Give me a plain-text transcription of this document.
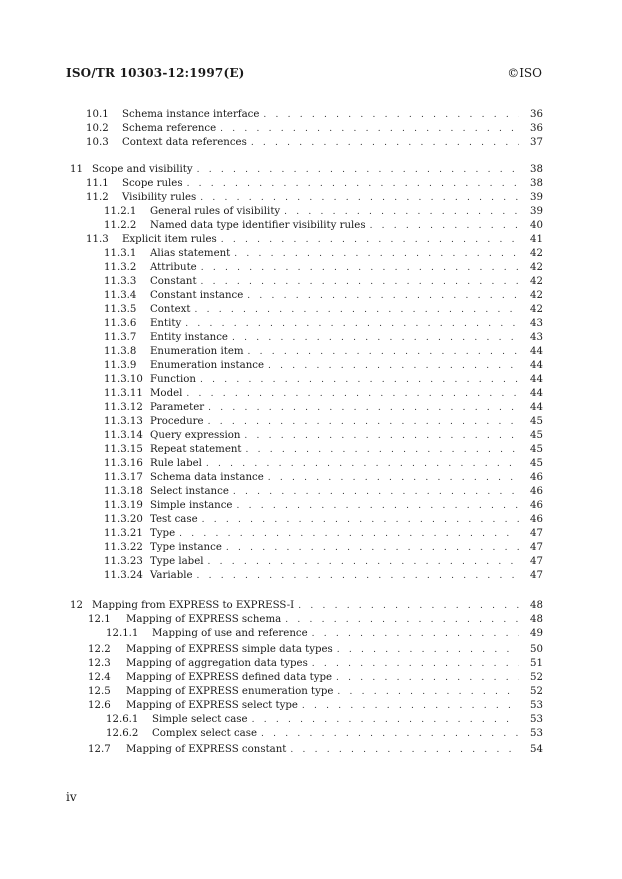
ISO/TR 10303-12:1997(E)	©ISO
10.1	Schema instance interface . . .	36
10.2	Schema reference . . .	36
10.3	Context data references . . .	37
11 Scope and visibility . . .	38
11.1	Scope rules . . .	38
11.2	Visibility rules . . .	39
11.2.1	General rules of visibility . . .	39
11.2.2	Named data type identifier visibility rules . . .	40
11.3	Explicit item rules . . .	41
11.3.1	Alias statement . . .	42
11.3.2	Attribute . . .	42
11.3.3	Constant . . .	42
11.3.4	Constant instance . . .	42
11.3.5	Context . . .	42
11.3.6	Entity . . .	43
11.3.7	Entity instance . . .	43
11.3.8	Enumeration item . . .	44
11.3.9	Enumeration instance . . .	44
11.3.10 Function . . .	44
11.3.11 Model . . .	44
11.3.12 Parameter . . .	44
11.3.13 Procedure . . .	45
11.3.14 Query expression . . .	45
11.3.15 Repeat statement . . .	45
11.3.16 Rule label . . .	45
11.3.17 Schema data instance . . .	46
11.3.18 Select instance . . .	46
11.3.19 Simple instance . . .	46
11.3.20 Test case . . .	46
11.3.21 Type . . .	47
11.3.22 Type instance . . .	47
11.3.23 Type label . . .	47
11.3.24 Variable . . .	47
12 Mapping from EXPRESS to EXPRESS-I . . .	48
12.1	Mapping of EXPRESS schema . . .	48
12.1.1	Mapping of use and reference . . .	49
12.2	Mapping of EXPRESS simple data types . . .	50
12.3	Mapping of aggregation data types . . .	51
12.4	Mapping of EXPRESS defined data type . . .	52
12.5	Mapping of EXPRESS enumeration type . . .	52
12.6	Mapping of EXPRESS select type . . .	53
12.6.1	Simple select case . . .	53
12.6.2	Complex select case . . .	53
12.7	Mapping of EXPRESS constant . . .	54
iv
